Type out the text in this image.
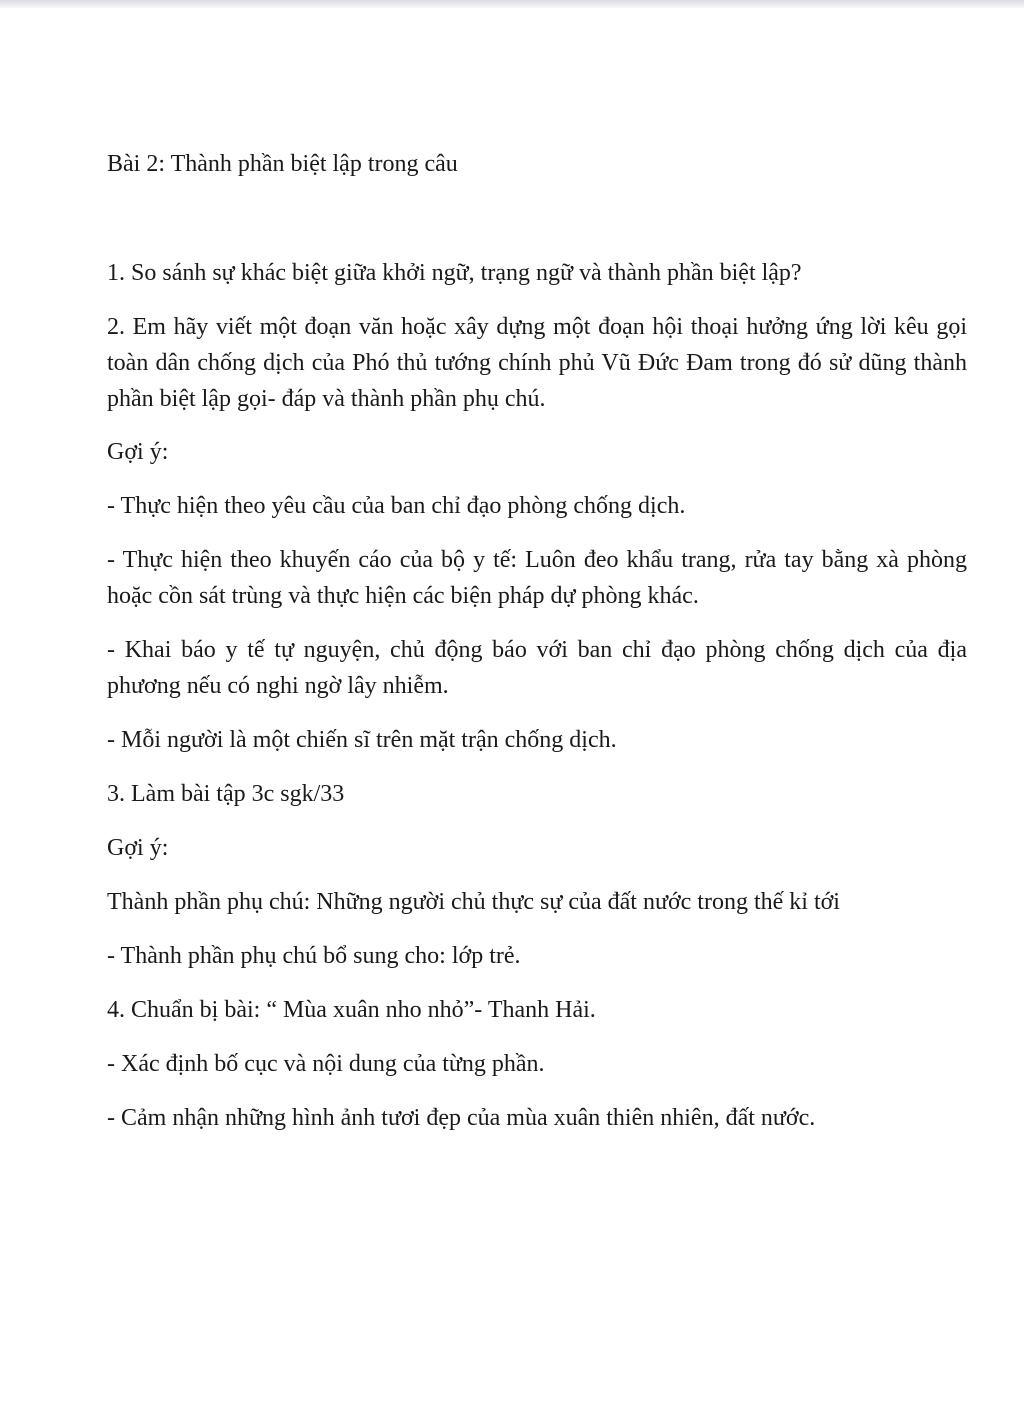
Bài 2: Thành phần biệt lập trong câu

1. So sánh sự khác biệt giữa khởi ngữ, trạng ngữ và thành phần biệt lập?

2. Em hãy viết một đoạn văn hoặc xây dựng một đoạn hội thoại hưởng ứng lời kêu gọi toàn dân chống dịch của Phó thủ tướng chính phủ Vũ Đức Đam trong đó sử dũng thành phần biệt lập gọi- đáp và thành phần phụ chú.

Gợi ý:

- Thực hiện theo yêu cầu của ban chỉ đạo phòng chống dịch.

- Thực hiện theo khuyến cáo của bộ y tế: Luôn đeo khẩu trang, rửa tay bằng xà phòng hoặc cồn sát trùng và thực hiện các biện pháp dự phòng khác.

- Khai báo y tế tự nguyện, chủ động báo với ban chỉ đạo phòng chống dịch của địa phương nếu có nghi ngờ lây nhiễm.

- Mỗi người là một chiến sĩ trên mặt trận chống dịch.

3. Làm bài tập 3c sgk/33

Gợi ý:

Thành phần phụ chú: Những người chủ thực sự của đất nước trong thế kỉ tới

- Thành phần phụ chú bổ sung cho: lớp trẻ.

4. Chuẩn bị bài: “ Mùa xuân nho nhỏ”- Thanh Hải.

- Xác định bố cục và nội dung của từng phần.

- Cảm nhận những hình ảnh tươi đẹp của mùa xuân thiên nhiên, đất nước.
